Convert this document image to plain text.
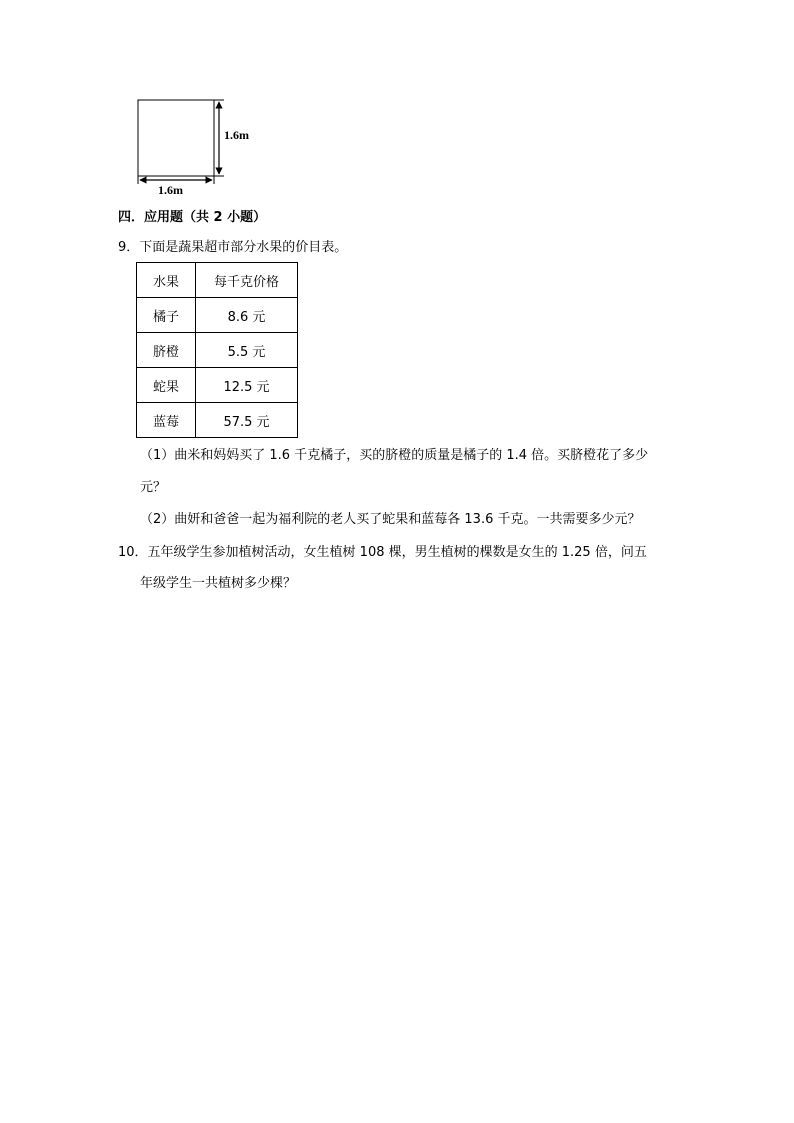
1.6m
1.6m
四．应用题（共 2 小题）
9．下面是蔬果超市部分水果的价目表。
水果	每千克价格
橘子	8.6 元
脐橙	5.5 元
蛇果	12.5 元
蓝莓	57.5 元
（1）曲米和妈妈买了 1.6 千克橘子，买的脐橙的质量是橘子的 1.4 倍。买脐橙花了多少
元？
（2）曲妍和爸爸一起为福利院的老人买了蛇果和蓝莓各 13.6 千克。一共需要多少元？
10．五年级学生参加植树活动，女生植树 108 棵，男生植树的棵数是女生的 1.25 倍，问五
年级学生一共植树多少棵？
